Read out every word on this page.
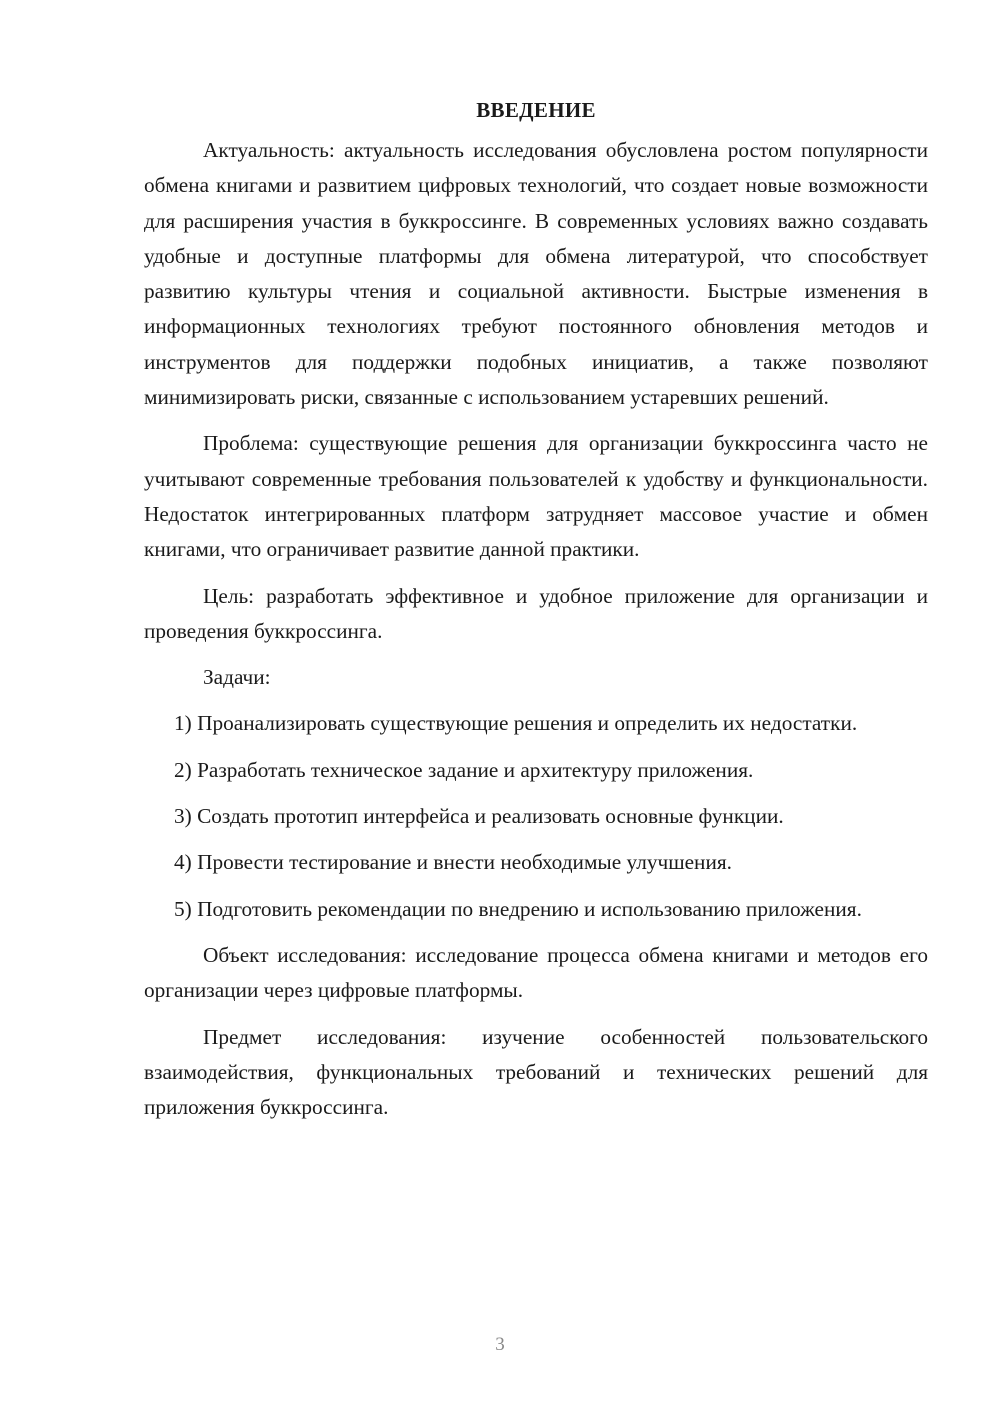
ВВЕДЕНИЕ

Актуальность: актуальность исследования обусловлена ростом популярности обмена книгами и развитием цифровых технологий, что создает новые возможности для расширения участия в буккроссинге. В современных условиях важно создавать удобные и доступные платформы для обмена литературой, что способствует развитию культуры чтения и социальной активности. Быстрые изменения в информационных технологиях требуют постоянного обновления методов и инструментов для поддержки подобных инициатив, а также позволяют минимизировать риски, связанные с использованием устаревших решений.

Проблема: существующие решения для организации буккроссинга часто не учитывают современные требования пользователей к удобству и функциональности. Недостаток интегрированных платформ затрудняет массовое участие и обмен книгами, что ограничивает развитие данной практики.

Цель: разработать эффективное и удобное приложение для организации и проведения буккроссинга.

Задачи:

1) Проанализировать существующие решения и определить их недостатки.

2) Разработать техническое задание и архитектуру приложения.

3) Создать прототип интерфейса и реализовать основные функции.

4) Провести тестирование и внести необходимые улучшения.

5) Подготовить рекомендации по внедрению и использованию приложения.

Объект исследования: исследование процесса обмена книгами и методов его организации через цифровые платформы.

Предмет исследования: изучение особенностей пользовательского взаимодействия, функциональных требований и технических решений для приложения буккроссинга.

3
